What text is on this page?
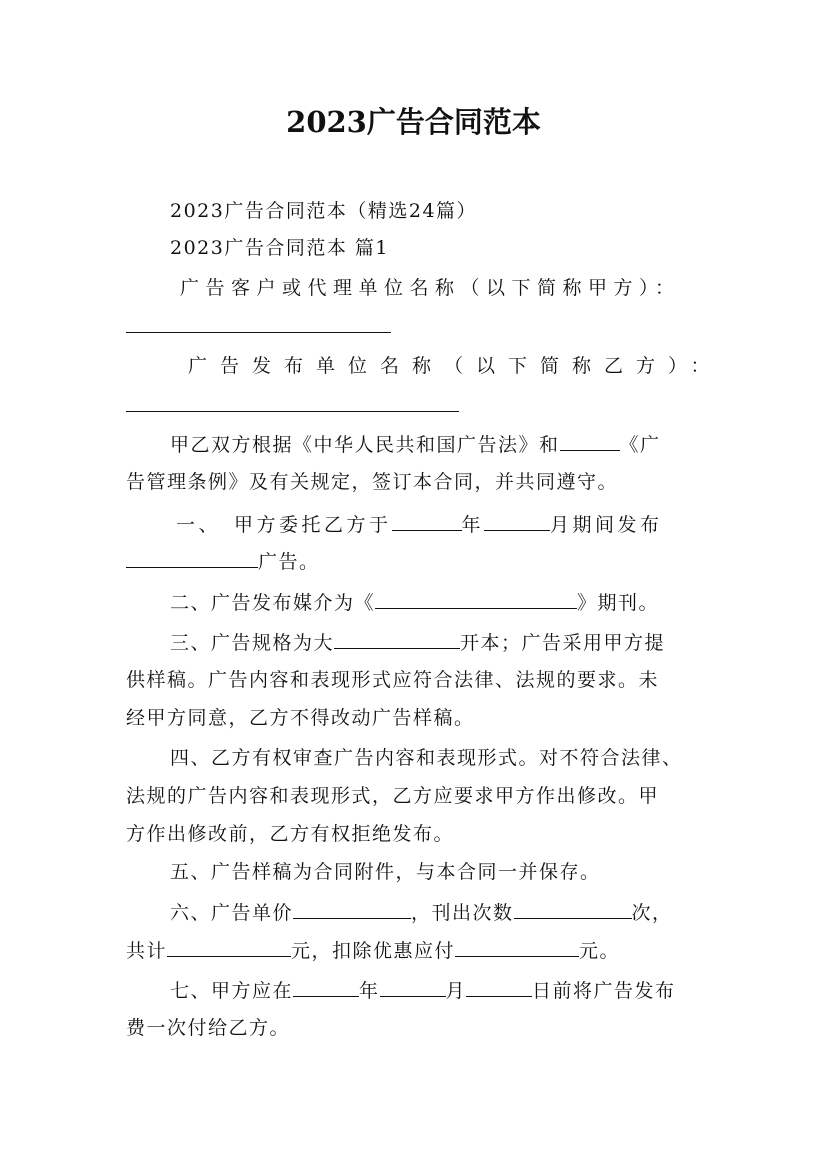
2023广告合同范本
2023广告合同范本（精选24篇）
2023广告合同范本 篇1
广告客户或代理单位名称（以下简称甲方）：
广告发布单位名称（以下简称乙方）：
甲乙双方根据《中华人民共和国广告法》和	《广
告管理条例》及有关规定，签订本合同，并共同遵守。
一、　甲方委托乙方于	年	月期间发布
广告。
二、广告发布媒介为《	》期刊。
三、广告规格为大	开本；广告采用甲方提
供样稿。广告内容和表现形式应符合法律、法规的要求。未
经甲方同意，乙方不得改动广告样稿。
四、乙方有权审查广告内容和表现形式。对不符合法律、
法规的广告内容和表现形式，乙方应要求甲方作出修改。甲
方作出修改前，乙方有权拒绝发布。
五、广告样稿为合同附件，与本合同一并保存。
六、广告单价	，刊出次数	次，
共计	元，扣除优惠应付	元。
七、甲方应在	年	月	日前将广告发布
费一次付给乙方。
